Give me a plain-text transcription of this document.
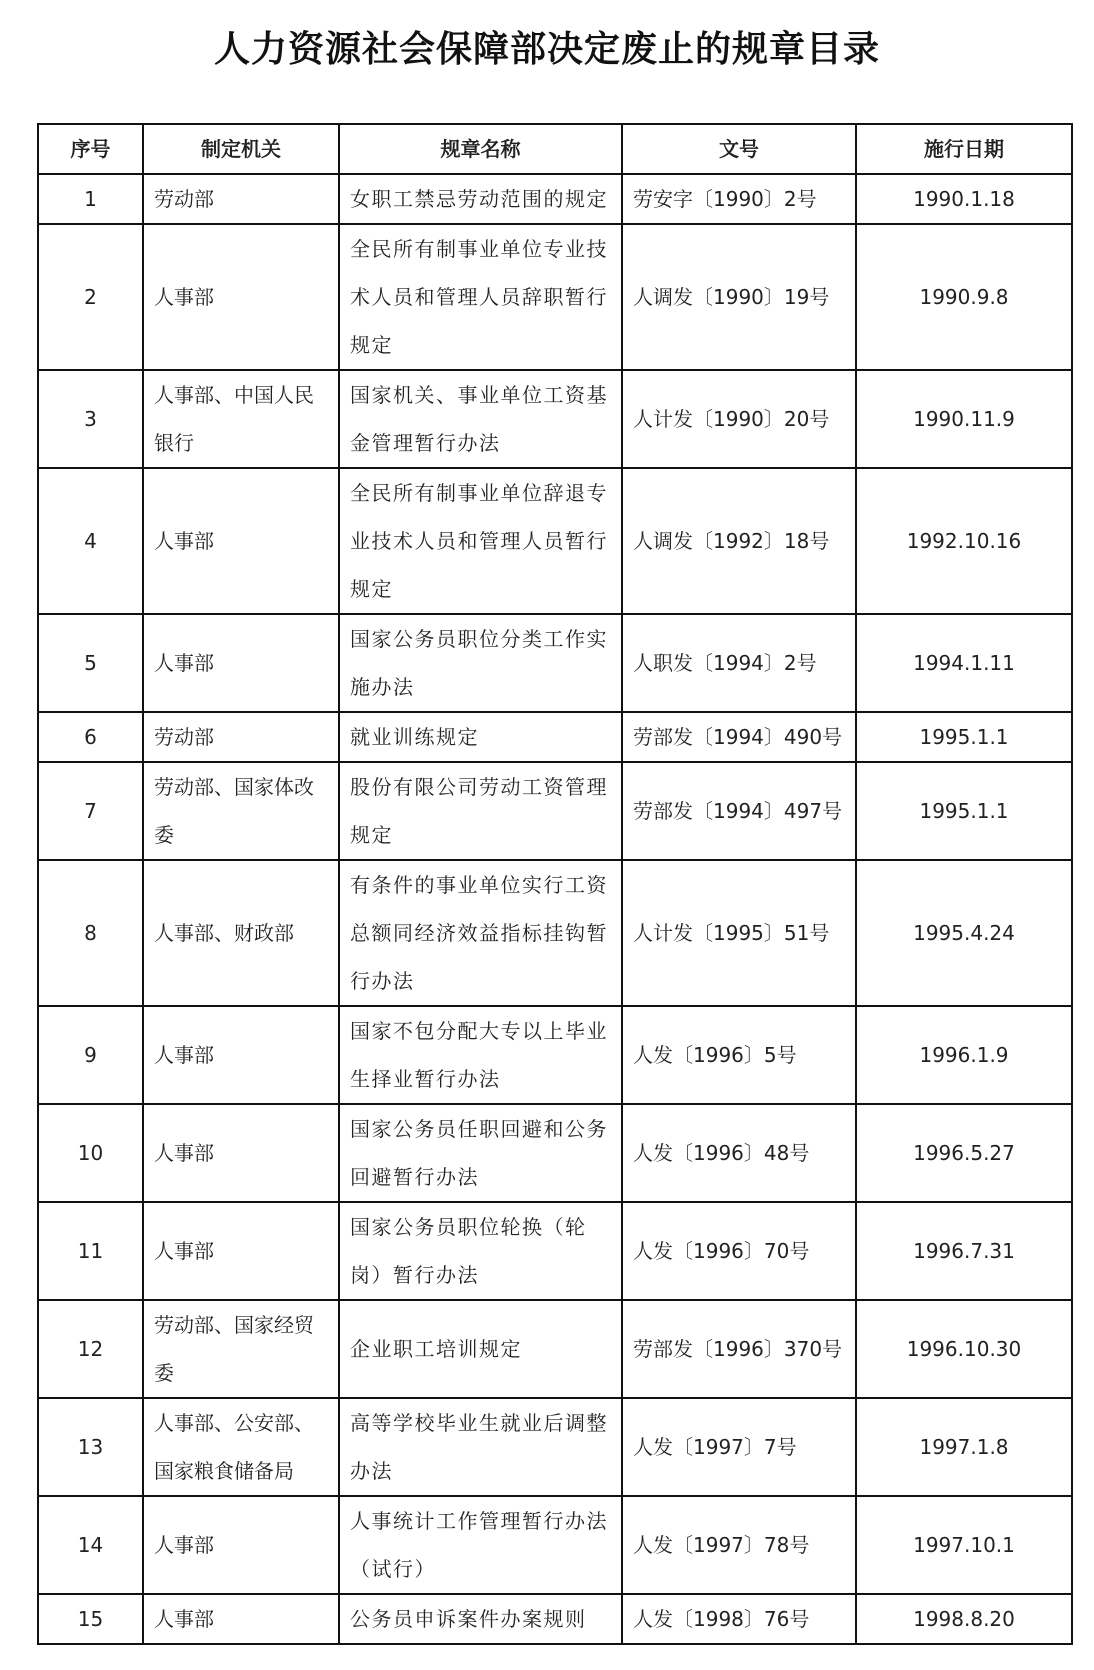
人力资源社会保障部决定废止的规章目录
序号	制定机关	规章名称	文号	施行日期
1	劳动部	女职工禁忌劳动范围的规定	劳安字〔1990〕2号	1990.1.18
2	人事部	全民所有制事业单位专业技术人员和管理人员辞职暂行规定	人调发〔1990〕19号	1990.9.8
3	人事部、中国人民银行	国家机关、事业单位工资基金管理暂行办法	人计发〔1990〕20号	1990.11.9
4	人事部	全民所有制事业单位辞退专业技术人员和管理人员暂行规定	人调发〔1992〕18号	1992.10.16
5	人事部	国家公务员职位分类工作实施办法	人职发〔1994〕2号	1994.1.11
6	劳动部	就业训练规定	劳部发〔1994〕490号	1995.1.1
7	劳动部、国家体改委	股份有限公司劳动工资管理规定	劳部发〔1994〕497号	1995.1.1
8	人事部、财政部	有条件的事业单位实行工资总额同经济效益指标挂钩暂行办法	人计发〔1995〕51号	1995.4.24
9	人事部	国家不包分配大专以上毕业生择业暂行办法	人发〔1996〕5号	1996.1.9
10	人事部	国家公务员任职回避和公务回避暂行办法	人发〔1996〕48号	1996.5.27
11	人事部	国家公务员职位轮换（轮岗）暂行办法	人发〔1996〕70号	1996.7.31
12	劳动部、国家经贸委	企业职工培训规定	劳部发〔1996〕370号	1996.10.30
13	人事部、公安部、国家粮食储备局	高等学校毕业生就业后调整办法	人发〔1997〕7号	1997.1.8
14	人事部	人事统计工作管理暂行办法（试行）	人发〔1997〕78号	1997.10.1
15	人事部	公务员申诉案件办案规则	人发〔1998〕76号	1998.8.20
